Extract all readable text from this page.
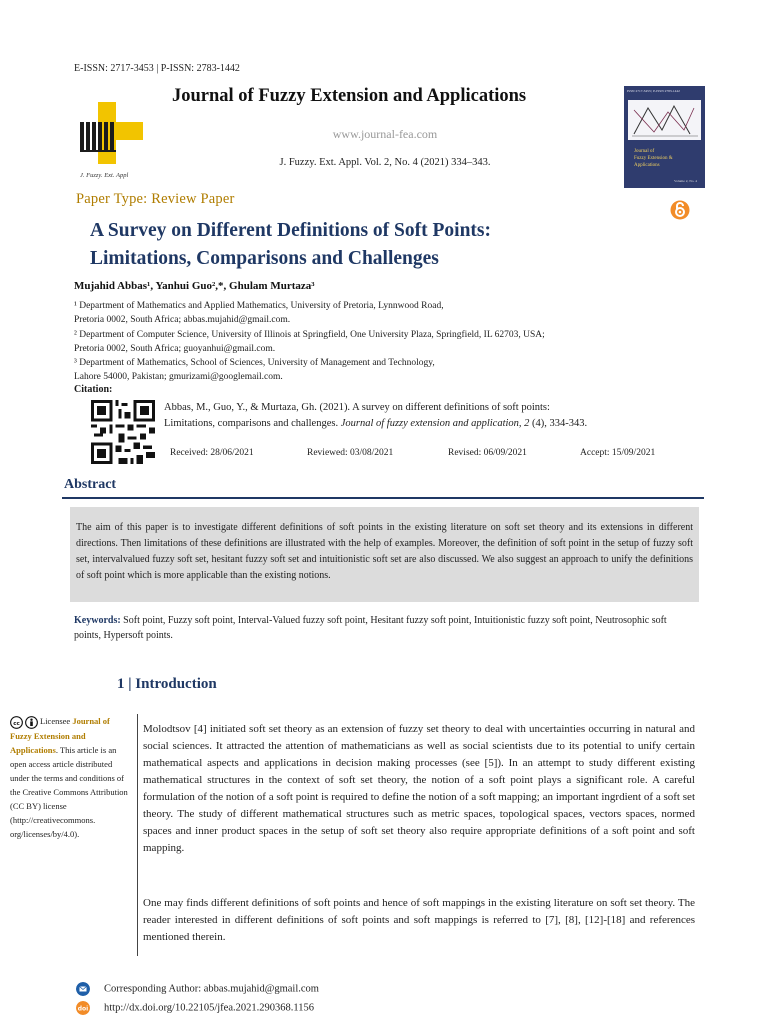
E-ISSN: 2717-3453 | P-ISSN: 2783-1442
J. Fuzzy. Ext. Appl
Journal of Fuzzy Extension and Applications
www.journal-fea.com
J. Fuzzy. Ext. Appl. Vol. 2, No. 4 (2021) 334–343.
ISSN 2717-3453 | P-ISSN 2783-1442
Journal of
Fuzzy Extension &
Applications
Volume 2, No. 4
Paper Type: Review Paper
A Survey on Different Definitions of Soft Points:
Limitations, Comparisons and Challenges
Mujahid Abbas¹, Yanhui Guo²,*, Ghulam Murtaza³
¹ Department of Mathematics and Applied Mathematics, University of Pretoria, Lynnwood Road,
Pretoria 0002, South Africa; abbas.mujahid@gmail.com.
² Department of Computer Science, University of Illinois at Springfield, One University Plaza, Springfield, IL 62703, USA;
Pretoria 0002, South Africa; guoyanhui@gmail.com.
³ Department of Mathematics, School of Sciences, University of Management and Technology,
Lahore 54000, Pakistan; gmurizami@googlemail.com.
Citation:
Abbas, M., Guo, Y., & Murtaza, Gh. (2021). A survey on different definitions of soft points:
Limitations, comparisons and challenges. Journal of fuzzy extension and application, 2 (4), 334-343.
Received: 28/06/2021	Reviewed: 03/08/2021	Revised: 06/09/2021	Accept: 15/09/2021
Abstract
The aim of this paper is to investigate different definitions of soft points in the existing literature on soft set theory and its extensions in different directions. Then limitations of these definitions are illustrated with the help of examples. Moreover, the definition of soft point in the setup of fuzzy soft set, intervalvalued fuzzy soft set, hesitant fuzzy soft set and intuitionistic soft set are also discussed. We also suggest an approach to unify the definitions of soft point which is more applicable than the existing notions.
Keywords: Soft point, Fuzzy soft point, Interval-Valued fuzzy soft point, Hesitant fuzzy soft point, Intuitionistic fuzzy soft point, Neutrosophic soft points, Hypersoft points.
1 | Introduction
cc Licensee Journal of Fuzzy Extension and Applications. This article is an open access article distributed under the terms and conditions of the Creative Commons Attribution (CC BY) license (http://creativecommons. org/licenses/by/4.0).
Molodtsov [4] initiated soft set theory as an extension of fuzzy set theory to deal with uncertainties occurring in natural and social sciences. It attracted the attention of mathematicians as well as social scientists due to its potential to unify certain mathematical aspects and applications in decision making processes (see [5]). In an attempt to study different existing mathematical structures in the context of soft set theory, the notion of a soft point plays a significant role. A careful formulation of the notion of a soft point is required to define the notion of a soft mapping; an important ingrdient of a soft set theory. The study of different mathematical structures such as metric spaces, topological spaces, vectors spaces, normed spaces and inner product spaces in the setup of soft set theory also require appropriate definitions of a soft point and soft mapping.
One may finds different definitions of soft points and hence of soft mappings in the existing literature on soft set theory. The reader interested in different definitions of soft points and soft mappings is referred to [7], [8], [12]-[18] and references mentioned therein.
Corresponding Author: abbas.mujahid@gmail.com
doi http://dx.doi.org/10.22105/jfea.2021.290368.1156
